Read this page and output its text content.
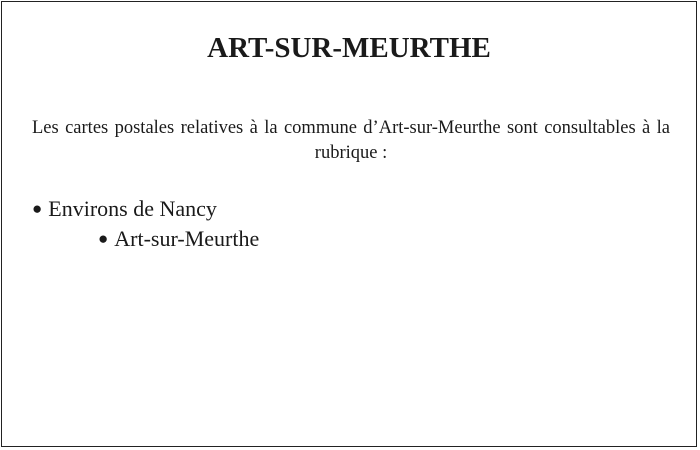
ART-SUR-MEURTHE

Les cartes postales relatives à la commune d’Art-sur-Meurthe sont consultables à la rubrique :

● Environs de Nancy
● Art-sur-Meurthe
